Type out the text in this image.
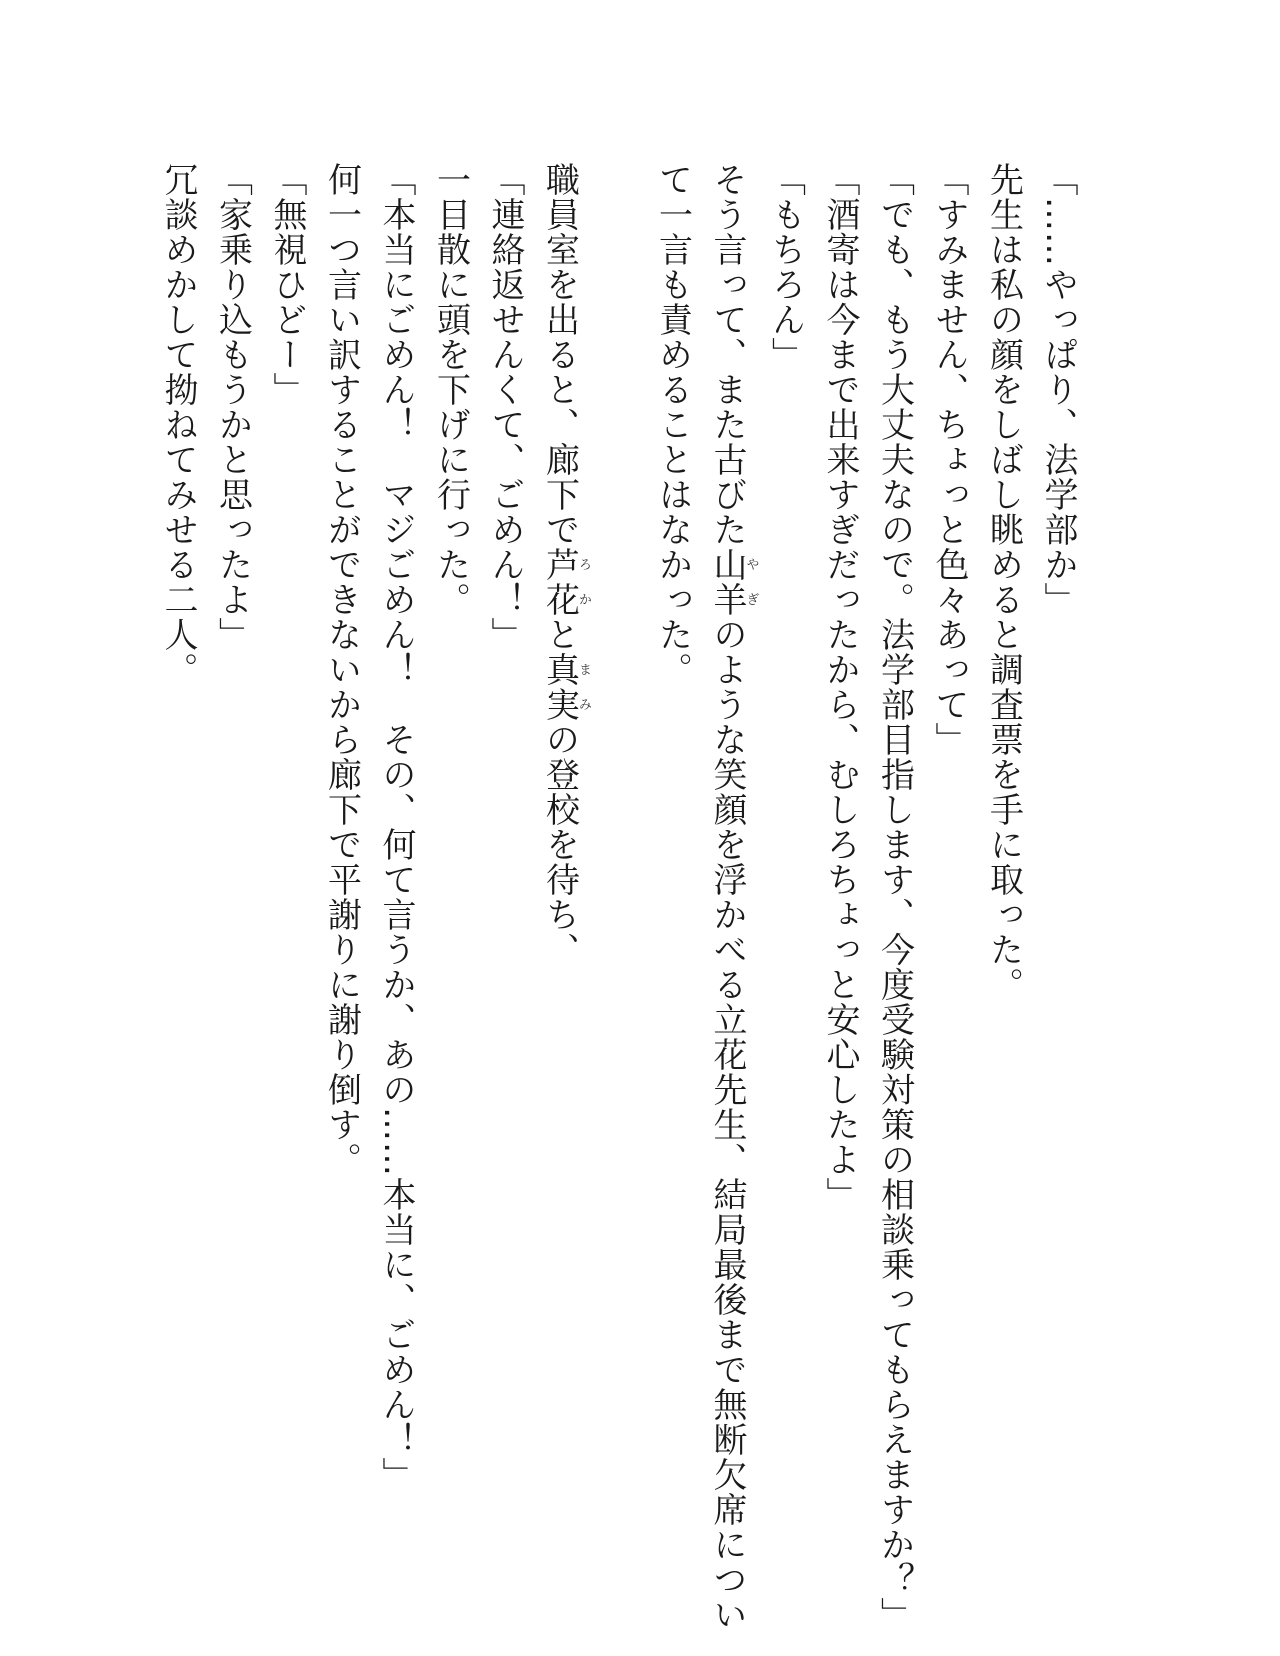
「……やっぱり、法学部か」
先生は私の顔をしばし眺めると調査票を手に取った。
「すみません、ちょっと色々あって」
「でも、もう大丈夫なので。法学部目指します、今度受験対策の相談乗ってもらえますか？」
「酒寄は今まで出来すぎだったから、むしろちょっと安心したよ」
「もちろん」
そう言って、また古びた山羊やぎのような笑顔を浮かべる立花先生、結局最後まで無断欠席につい
て一言も責めることはなかった。
職員室を出ると、廊下で芦花ろかと真実まみの登校を待ち、
「連絡返せんくて、ごめん！」
一目散に頭を下げに行った。
「本当にごめん！　マジごめん！　その、何て言うか、あの……本当に、ごめん！」
何一つ言い訳することができないから廊下で平謝りに謝り倒す。
「無視ひどー」
「家乗り込もうかと思ったよ」
冗談めかして拗ねてみせる二人。
